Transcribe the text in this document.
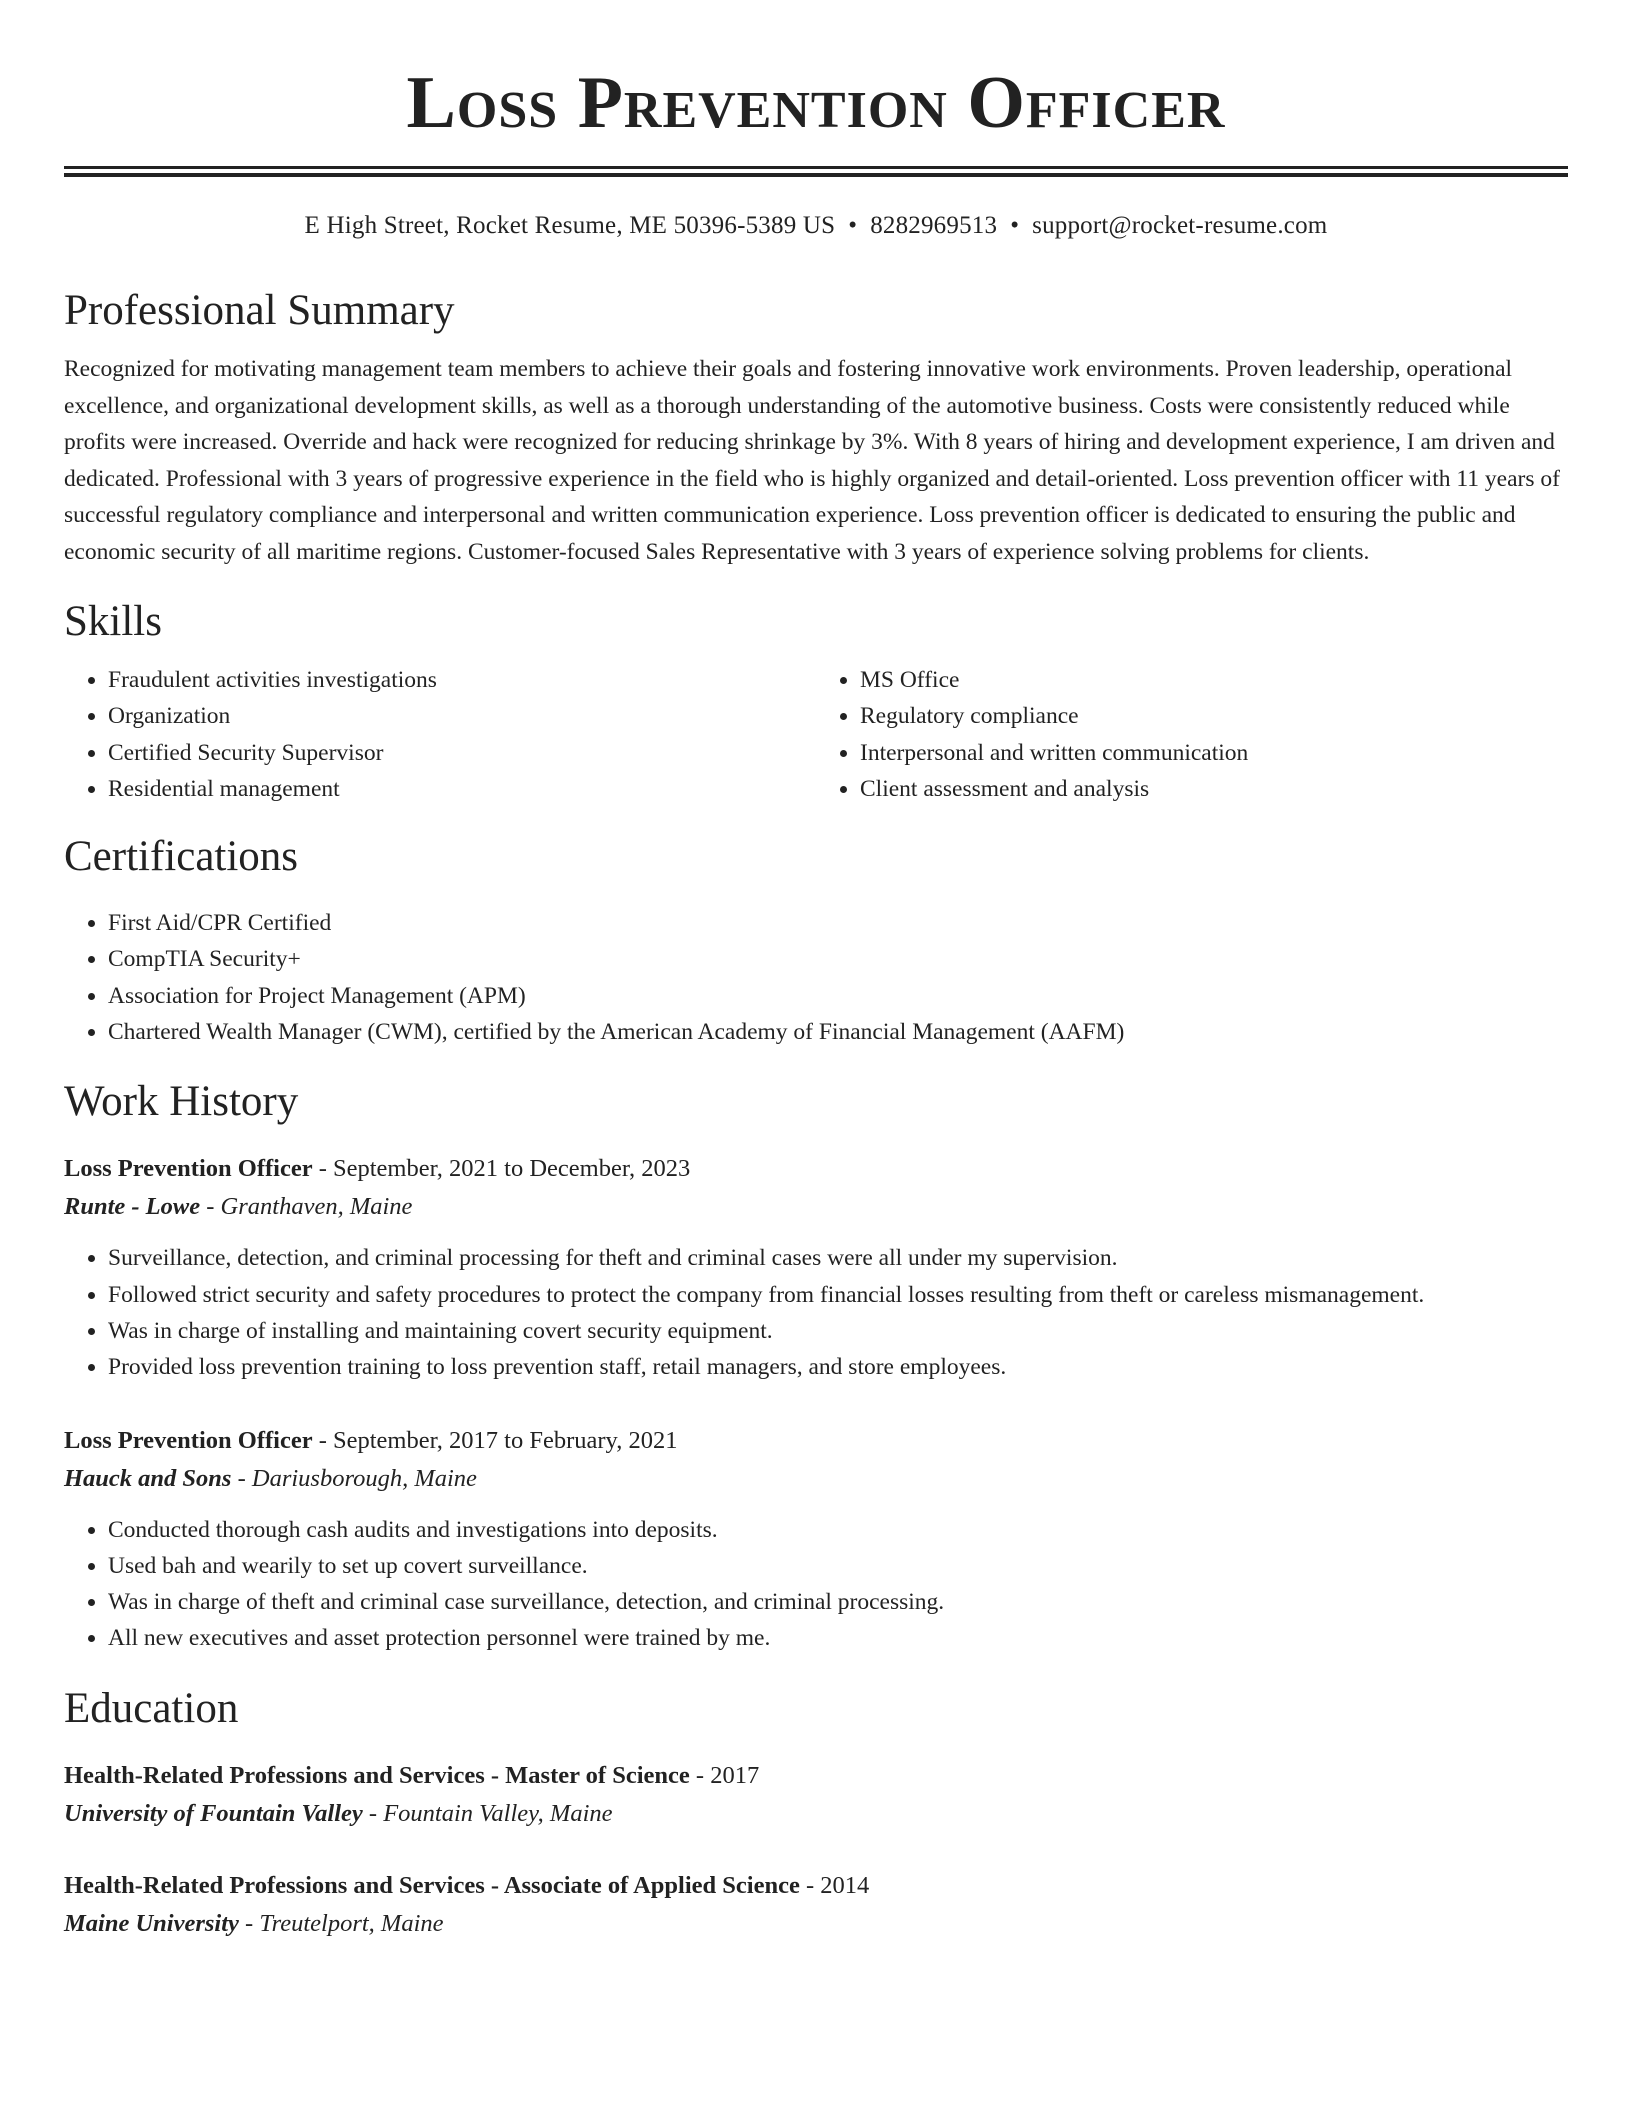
Loss Prevention Officer
E High Street, Rocket Resume, ME 50396-5389 US • 8282969513 • support@rocket-resume.com
Professional Summary
Recognized for motivating management team members to achieve their goals and fostering innovative work environments. Proven leadership, operational excellence, and organizational development skills, as well as a thorough understanding of the automotive business. Costs were consistently reduced while profits were increased. Override and hack were recognized for reducing shrinkage by 3%. With 8 years of hiring and development experience, I am driven and dedicated. Professional with 3 years of progressive experience in the field who is highly organized and detail-oriented. Loss prevention officer with 11 years of successful regulatory compliance and interpersonal and written communication experience. Loss prevention officer is dedicated to ensuring the public and economic security of all maritime regions. Customer-focused Sales Representative with 3 years of experience solving problems for clients.
Skills
• Fraudulent activities investigations
• Organization
• Certified Security Supervisor
• Residential management
• MS Office
• Regulatory compliance
• Interpersonal and written communication
• Client assessment and analysis
Certifications
• First Aid/CPR Certified
• CompTIA Security+
• Association for Project Management (APM)
• Chartered Wealth Manager (CWM), certified by the American Academy of Financial Management (AAFM)
Work History
Loss Prevention Officer - September, 2021 to December, 2023
Runte - Lowe - Granthaven, Maine
• Surveillance, detection, and criminal processing for theft and criminal cases were all under my supervision.
• Followed strict security and safety procedures to protect the company from financial losses resulting from theft or careless mismanagement.
• Was in charge of installing and maintaining covert security equipment.
• Provided loss prevention training to loss prevention staff, retail managers, and store employees.
Loss Prevention Officer - September, 2017 to February, 2021
Hauck and Sons - Dariusborough, Maine
• Conducted thorough cash audits and investigations into deposits.
• Used bah and wearily to set up covert surveillance.
• Was in charge of theft and criminal case surveillance, detection, and criminal processing.
• All new executives and asset protection personnel were trained by me.
Education
Health-Related Professions and Services - Master of Science - 2017
University of Fountain Valley - Fountain Valley, Maine
Health-Related Professions and Services - Associate of Applied Science - 2014
Maine University - Treutelport, Maine
